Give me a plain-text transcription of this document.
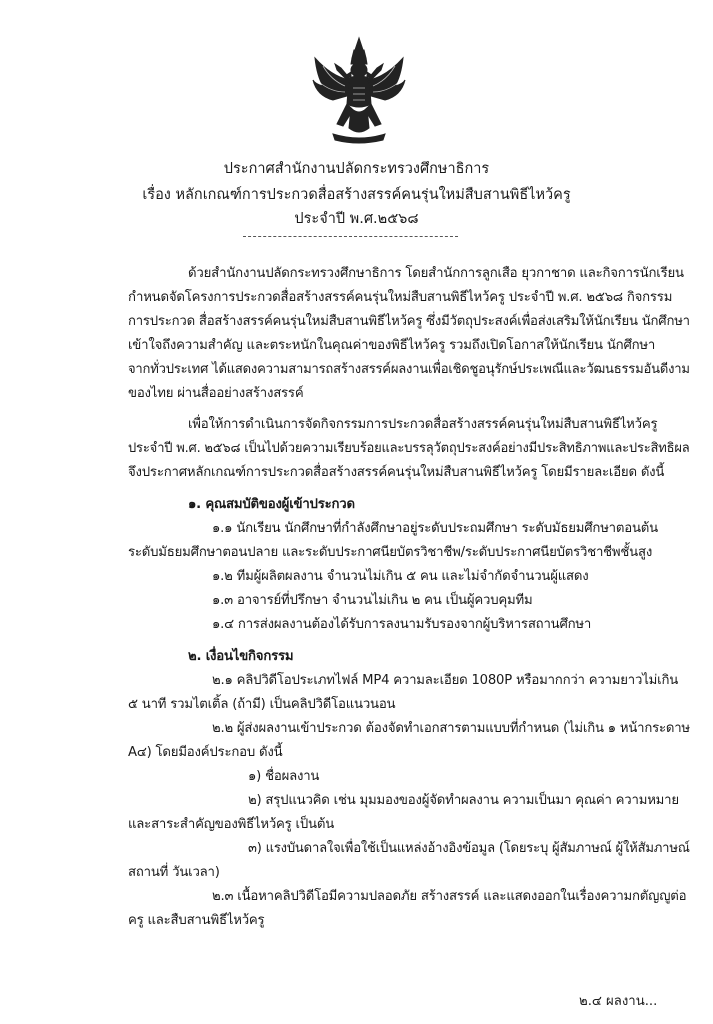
ประกาศสำนักงานปลัดกระทรวงศึกษาธิการ
เรื่อง หลักเกณฑ์การประกวดสื่อสร้างสรรค์คนรุ่นใหม่สืบสานพิธีไหว้ครู
ประจำปี พ.ศ.๒๕๖๘
ด้วยสำนักงานปลัดกระทรวงศึกษาธิการ โดยสำนักการลูกเสือ ยุวกาชาด และกิจการนักเรียน
กำหนดจัดโครงการประกวดสื่อสร้างสรรค์คนรุ่นใหม่สืบสานพิธีไหว้ครู ประจำปี พ.ศ. ๒๕๖๘ กิจกรรม
การประกวด สื่อสร้างสรรค์คนรุ่นใหม่สืบสานพิธีไหว้ครู ซึ่งมีวัตถุประสงค์เพื่อส่งเสริมให้นักเรียน นักศึกษา
เข้าใจถึงความสำคัญ และตระหนักในคุณค่าของพิธีไหว้ครู รวมถึงเปิดโอกาสให้นักเรียน นักศึกษา
จากทั่วประเทศ ได้แสดงความสามารถสร้างสรรค์ผลงานเพื่อเชิดชูอนุรักษ์ประเพณีและวัฒนธรรมอันดีงาม
ของไทย ผ่านสื่ออย่างสร้างสรรค์
เพื่อให้การดำเนินการจัดกิจกรรมการประกวดสื่อสร้างสรรค์คนรุ่นใหม่สืบสานพิธีไหว้ครู
ประจำปี พ.ศ. ๒๕๖๘ เป็นไปด้วยความเรียบร้อยและบรรลุวัตถุประสงค์อย่างมีประสิทธิภาพและประสิทธิผล
จึงประกาศหลักเกณฑ์การประกวดสื่อสร้างสรรค์คนรุ่นใหม่สืบสานพิธีไหว้ครู โดยมีรายละเอียด ดังนี้
๑. คุณสมบัติของผู้เข้าประกวด
๑.๑ นักเรียน นักศึกษาที่กำลังศึกษาอยู่ระดับประถมศึกษา ระดับมัธยมศึกษาตอนต้น
ระดับมัธยมศึกษาตอนปลาย และระดับประกาศนียบัตรวิชาชีพ/ระดับประกาศนียบัตรวิชาชีพชั้นสูง
๑.๒ ทีมผู้ผลิตผลงาน จำนวนไม่เกิน ๕ คน และไม่จำกัดจำนวนผู้แสดง
๑.๓ อาจารย์ที่ปรึกษา จำนวนไม่เกิน ๒ คน เป็นผู้ควบคุมทีม
๑.๔ การส่งผลงานต้องได้รับการลงนามรับรองจากผู้บริหารสถานศึกษา
๒. เงื่อนไขกิจกรรม
๒.๑ คลิปวิดีโอประเภทไฟล์ MP4 ความละเอียด 1080P หรือมากกว่า ความยาวไม่เกิน
๕ นาที รวมไตเติ้ล (ถ้ามี) เป็นคลิปวิดีโอแนวนอน
๒.๒ ผู้ส่งผลงานเข้าประกวด ต้องจัดทำเอกสารตามแบบที่กำหนด (ไม่เกิน ๑ หน้ากระดาษ
A๔) โดยมีองค์ประกอบ ดังนี้
๑) ชื่อผลงาน
๒) สรุปแนวคิด เช่น มุมมองของผู้จัดทำผลงาน ความเป็นมา คุณค่า ความหมาย
และสาระสำคัญของพิธีไหว้ครู เป็นต้น
๓) แรงบันดาลใจเพื่อใช้เป็นแหล่งอ้างอิงข้อมูล (โดยระบุ ผู้สัมภาษณ์ ผู้ให้สัมภาษณ์
สถานที่ วันเวลา)
๒.๓ เนื้อหาคลิปวิดีโอมีความปลอดภัย สร้างสรรค์ และแสดงออกในเรื่องความกตัญญูต่อ
ครู และสืบสานพิธีไหว้ครู
๒.๔ ผลงาน...
